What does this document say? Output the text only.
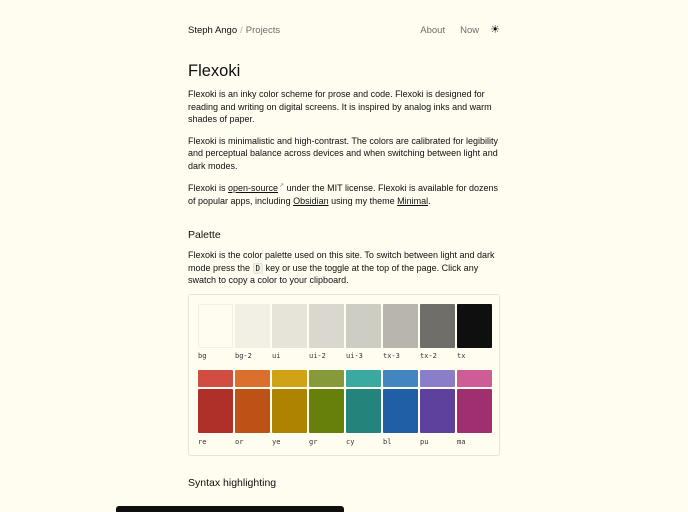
Steph Ango / Projects	About Now ☀
Flexoki

Flexoki is an inky color scheme for prose and code. Flexoki is designed for reading and writing on digital screens. It is inspired by analog inks and warm shades of paper.

Flexoki is minimalistic and high-contrast. The colors are calibrated for legibility and perceptual balance across devices and when switching between light and dark modes.

Flexoki is open-source↗ under the MIT license. Flexoki is available for dozens of popular apps, including Obsidian using my theme Minimal.

Palette

Flexoki is the color palette used on this site. To switch between light and dark mode press the D key or use the toggle at the top of the page. Click any swatch to copy a color to your clipboard.

bg	bg-2	ui	ui-2	ui-3	tx-3	tx-2	tx
re	or	ye	gr	cy	bl	pu	ma
Syntax highlighting
